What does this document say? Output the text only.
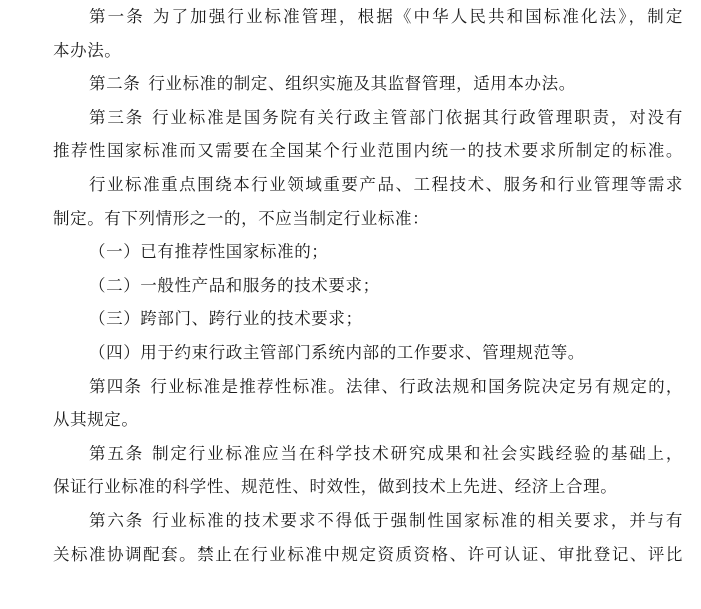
第一条 为了加强行业标准管理，根据《中华人民共和国标准化法》，制定
本办法。
第二条 行业标准的制定、组织实施及其监督管理，适用本办法。
第三条 行业标准是国务院有关行政主管部门依据其行政管理职责，对没有
推荐性国家标准而又需要在全国某个行业范围内统一的技术要求所制定的标准。
行业标准重点围绕本行业领域重要产品、工程技术、服务和行业管理等需求
制定。有下列情形之一的，不应当制定行业标准：
（一）已有推荐性国家标准的；
（二）一般性产品和服务的技术要求；
（三）跨部门、跨行业的技术要求；
（四）用于约束行政主管部门系统内部的工作要求、管理规范等。
第四条 行业标准是推荐性标准。法律、行政法规和国务院决定另有规定的，
从其规定。
第五条 制定行业标准应当在科学技术研究成果和社会实践经验的基础上，
保证行业标准的科学性、规范性、时效性，做到技术上先进、经济上合理。
第六条 行业标准的技术要求不得低于强制性国家标准的相关要求，并与有
关标准协调配套。禁止在行业标准中规定资质资格、许可认证、审批登记、评比
